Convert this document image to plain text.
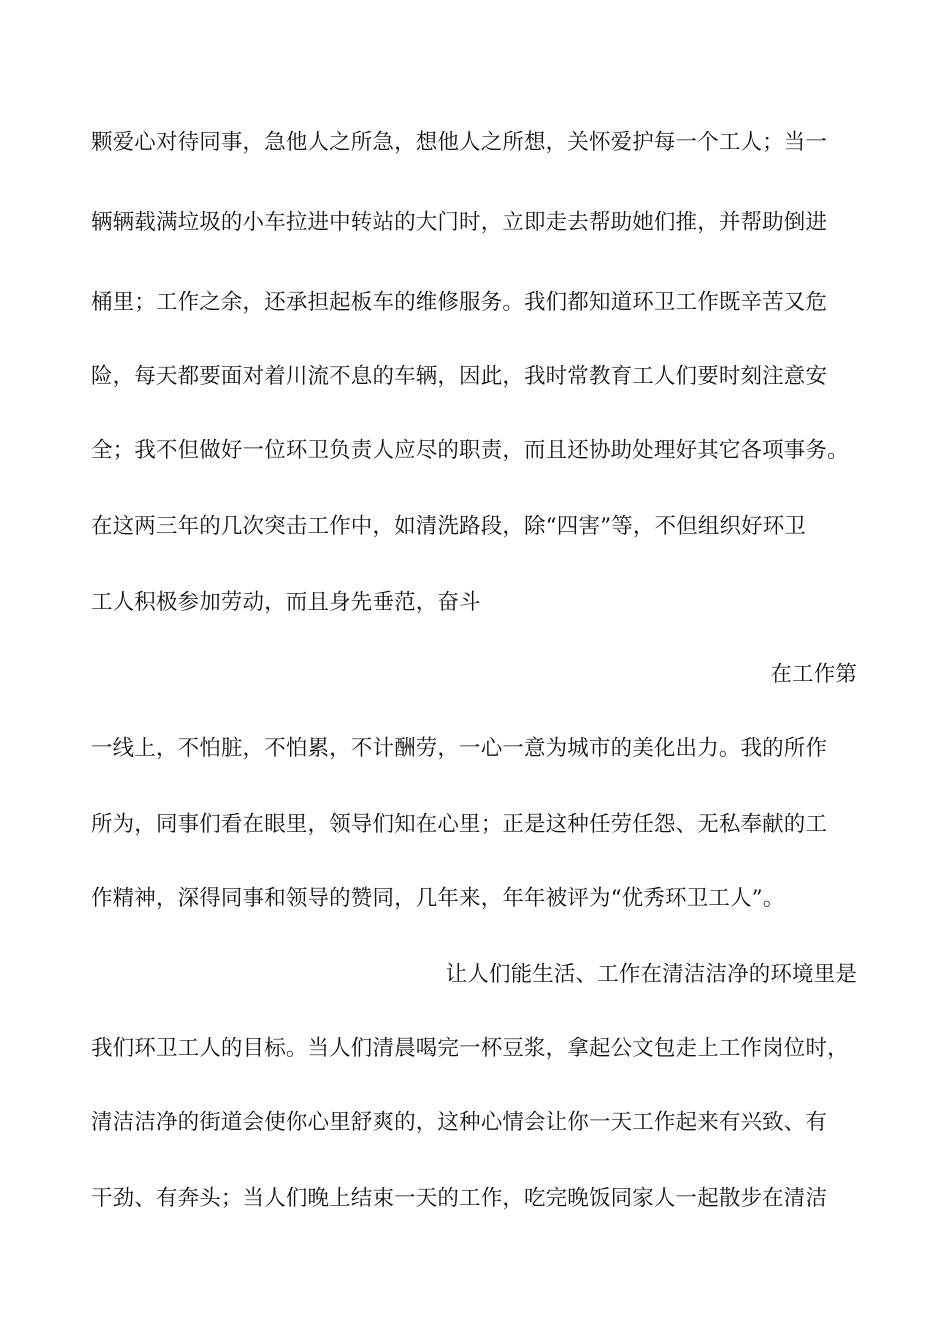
颗爱心对待同事，急他人之所急，想他人之所想，关怀爱护每一个工人；当一
辆辆载满垃圾的小车拉进中转站的大门时，立即走去帮助她们推，并帮助倒进
桶里；工作之余，还承担起板车的维修服务。我们都知道环卫工作既辛苦又危
险，每天都要面对着川流不息的车辆，因此，我时常教育工人们要时刻注意安
全；我不但做好一位环卫负责人应尽的职责，而且还协助处理好其它各项事务。
在这两三年的几次突击工作中，如清洗路段，除“四害”等，不但组织好环卫
工人积极参加劳动，而且身先垂范，奋斗
在工作第
一线上，不怕脏，不怕累，不计酬劳，一心一意为城市的美化出力。我的所作
所为，同事们看在眼里，领导们知在心里；正是这种任劳任怨、无私奉献的工
作精神，深得同事和领导的赞同，几年来，年年被评为“优秀环卫工人”。
让人们能生活、工作在清洁洁净的环境里是
我们环卫工人的目标。当人们清晨喝完一杯豆浆，拿起公文包走上工作岗位时，
清洁洁净的街道会使你心里舒爽的，这种心情会让你一天工作起来有兴致、有
干劲、有奔头；当人们晚上结束一天的工作，吃完晚饭同家人一起散步在清洁
